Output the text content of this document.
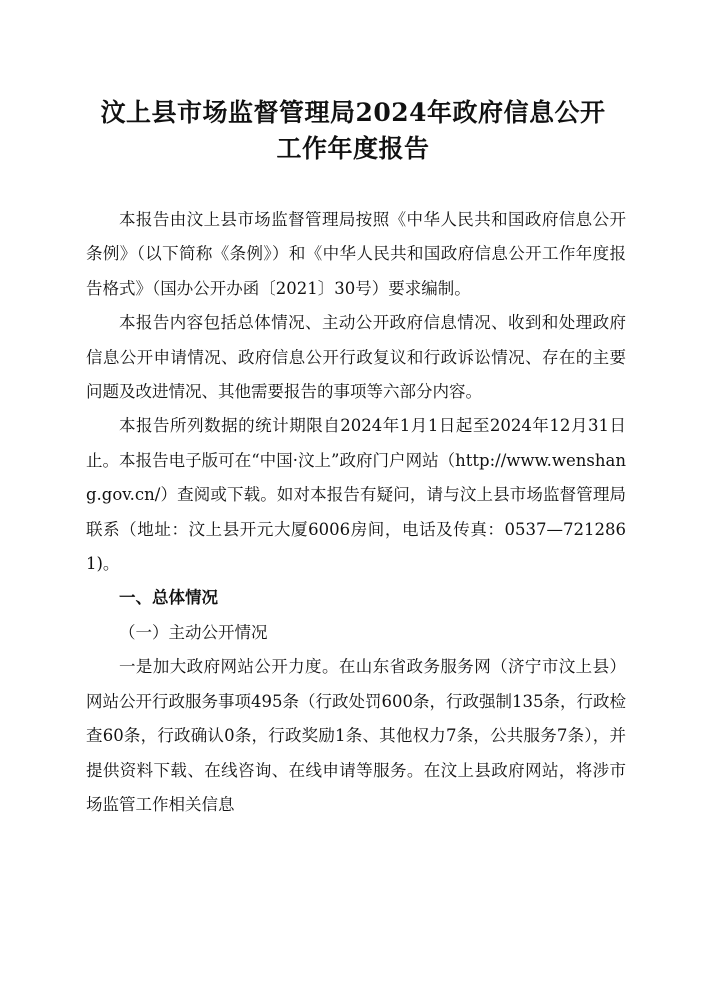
汶上县市场监督管理局2024年政府信息公开
工作年度报告

本报告由汶上县市场监督管理局按照《中华人民共和国政府信息公开条例》（以下简称《条例》）和《中华人民共和国政府信息公开工作年度报告格式》（国办公开办函〔2021〕30号）要求编制。

本报告内容包括总体情况、主动公开政府信息情况、收到和处理政府信息公开申请情况、政府信息公开行政复议和行政诉讼情况、存在的主要问题及改进情况、其他需要报告的事项等六部分内容。

本报告所列数据的统计期限自2024年1月1日起至2024年12月31日止。本报告电子版可在“中国·汶上”政府门户网站（http://www.wenshang.gov.cn/）查阅或下载。如对本报告有疑问，请与汶上县市场监督管理局联系（地址：汶上县开元大厦6006房间，电话及传真：0537—7212861)。

一、总体情况

（一）主动公开情况

一是加大政府网站公开力度。在山东省政务服务网（济宁市汶上县）网站公开行政服务事项495条（行政处罚600条，行政强制135条，行政检查60条，行政确认0条，行政奖励1条、其他权力7条，公共服务7条），并提供资料下载、在线咨询、在线申请等服务。在汶上县政府网站，将涉市场监管工作相关信息
